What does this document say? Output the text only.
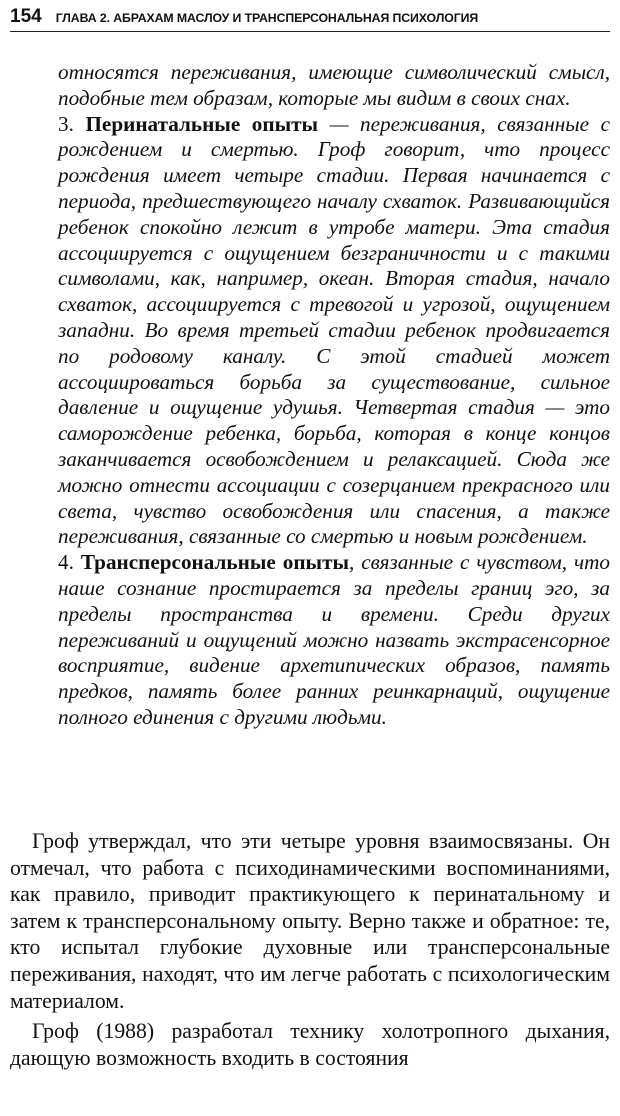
154 ГЛАВА 2. АБРАХАМ МАСЛОУ И ТРАНСПЕРСОНАЛЬНАЯ ПСИХОЛОГИЯ

относятся переживания, имеющие символический смысл, подобные тем образам, которые мы видим в своих снах.

3. Перинатальные опыты — переживания, связанные с рождением и смертью. Гроф говорит, что процесс рождения имеет четыре стадии. Первая начинается с периода, предшествующего началу схваток. Развивающийся ребенок спокойно лежит в утробе матери. Эта стадия ассоциируется с ощущением безграничности и с такими символами, как, например, океан. Вторая стадия, начало схваток, ассоциируется с тревогой и угрозой, ощущением западни. Во время третьей стадии ребенок продвигается по родовому каналу. С этой стадией может ассоциироваться борьба за существование, сильное давление и ощущение удушья. Четвертая стадия — это саморождение ребенка, борьба, которая в конце концов заканчивается освобождением и релаксацией. Сюда же можно отнести ассоциации с созерцанием прекрасного или света, чувство освобождения или спасения, а также переживания, связанные со смертью и новым рождением.

4. Трансперсональные опыты, связанные с чувством, что наше сознание простирается за пределы границ эго, за пределы пространства и времени. Среди других переживаний и ощущений можно назвать экстрасенсорное восприятие, видение архетипических образов, память предков, память более ранних реинкарнаций, ощущение полного единения с другими людьми.

Гроф утверждал, что эти четыре уровня взаимосвязаны. Он отмечал, что работа с психодинамическими воспоминаниями, как правило, приводит практикующего к перинатальному и затем к трансперсональному опыту. Верно также и обратное: те, кто испытал глубокие духовные или трансперсональные переживания, находят, что им легче работать с психологическим материалом.

Гроф (1988) разработал технику холотропного дыхания, дающую возможность входить в состояния
